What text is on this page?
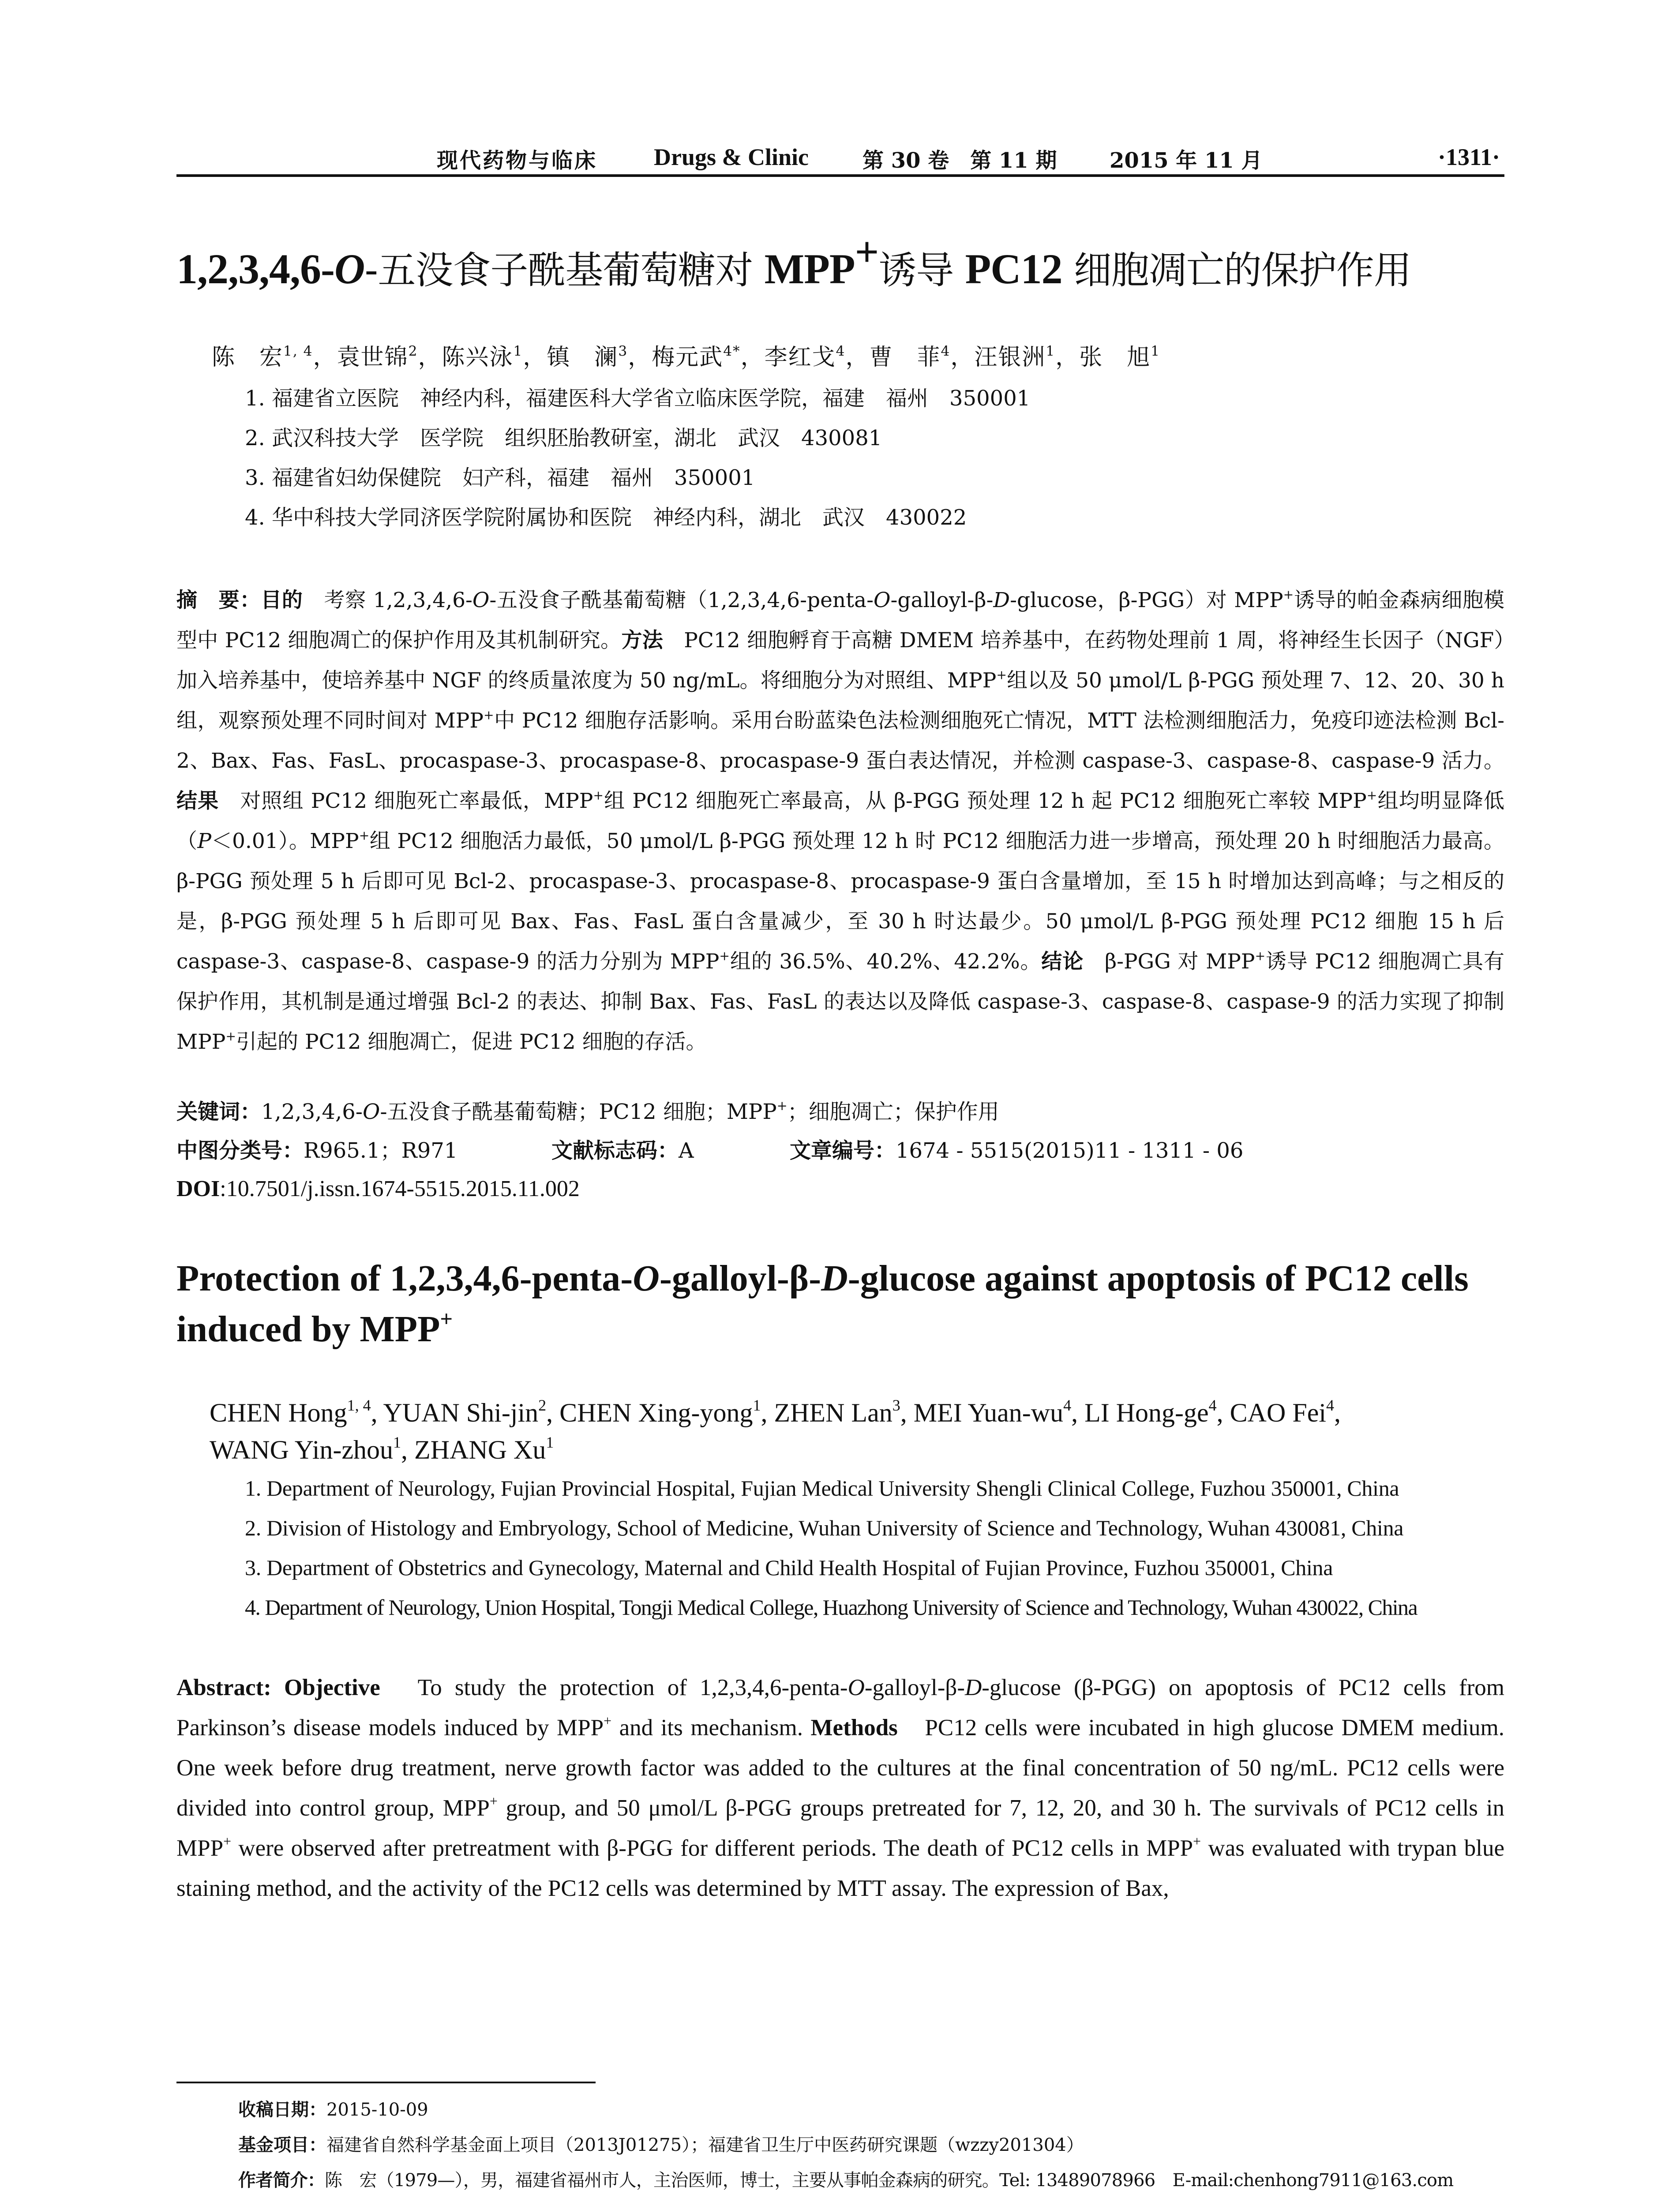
现代药物与临床 Drugs & Clinic	第 30 卷　第 11 期 2015 年 11 月	·1311·
1,2,3,4,6-O-五没食子酰基葡萄糖对 MPP+诱导 PC12 细胞凋亡的保护作用
陈　宏$^{1, 4}$，袁世锦$^2$，陈兴泳$^1$，镇　澜$^3$，梅元武$^{4*}$，李红戈$^4$，曹　菲$^4$，汪银洲$^1$，张　旭$^1$
1. 福建省立医院　神经内科，福建医科大学省立临床医学院，福建　福州　350001
2. 武汉科技大学　医学院　组织胚胎教研室，湖北　武汉　430081
3. 福建省妇幼保健院　妇产科，福建　福州　350001
4. 华中科技大学同济医学院附属协和医院　神经内科，湖北　武汉　430022

摘　要：目的　考察 1,2,3,4,6-O-五没食子酰基葡萄糖（1,2,3,4,6-penta-O-galloyl-β-D-glucose，β-PGG）对 MPP+诱导的帕金森病细胞模型中 PC12 细胞凋亡的保护作用及其机制研究。方法　PC12 细胞孵育于高糖 DMEM 培养基中，在药物处理前 1 周，将神经生长因子（NGF）加入培养基中，使培养基中 NGF 的终质量浓度为 50 ng/mL。将细胞分为对照组、MPP+组以及 50 μmol/L β-PGG 预处理 7、12、20、30 h 组，观察预处理不同时间对 MPP+中 PC12 细胞存活影响。采用台盼蓝染色法检测细胞死亡情况，MTT 法检测细胞活力，免疫印迹法检测 Bcl-2、Bax、Fas、FasL、procaspase-3、procaspase-8、procaspase-9 蛋白表达情况，并检测 caspase-3、caspase-8、caspase-9 活力。结果　对照组 PC12 细胞死亡率最低，MPP+组 PC12 细胞死亡率最高，从 β-PGG 预处理 12 h 起 PC12 细胞死亡率较 MPP+组均明显降低（P＜0.01）。MPP+组 PC12 细胞活力最低，50 μmol/L β-PGG 预处理 12 h 时 PC12 细胞活力进一步增高，预处理 20 h 时细胞活力最高。β-PGG 预处理 5 h 后即可见 Bcl-2、procaspase-3、procaspase-8、procaspase-9 蛋白含量增加，至 15 h 时增加达到高峰；与之相反的是，β-PGG 预处理 5 h 后即可见 Bax、Fas、FasL 蛋白含量减少，至 30 h 时达最少。50 μmol/L β-PGG 预处理 PC12 细胞 15 h 后 caspase-3、caspase-8、caspase-9 的活力分别为 MPP+组的 36.5%、40.2%、42.2%。结论　β-PGG 对 MPP+诱导 PC12 细胞凋亡具有保护作用，其机制是通过增强 Bcl-2 的表达、抑制 Bax、Fas、FasL 的表达以及降低 caspase-3、caspase-8、caspase-9 的活力实现了抑制 MPP+引起的 PC12 细胞凋亡，促进 PC12 细胞的存活。

关键词：1,2,3,4,6-O-五没食子酰基葡萄糖；PC12 细胞；MPP+；细胞凋亡；保护作用
中图分类号：R965.1；R971	文献标志码：A	文章编号：1674 - 5515(2015)11 - 1311 - 06
DOI:10.7501/j.issn.1674-5515.2015.11.002
Protection of 1,2,3,4,6-penta-O-galloyl-β-D-glucose against apoptosis of PC12 cells induced by MPP+
CHEN Hong$^{1, 4}$, YUAN Shi-jin$^2$, CHEN Xing-yong$^1$, ZHEN Lan$^3$, MEI Yuan-$wu^4$, LI Hong-$ge^4$, CAO Fei$^4$,
WANG Yin-zhou$^1$, ZHANG Xu$^1$
1. Department of Neurology, Fujian Provincial Hospital, Fujian Medical University Shengli Clinical College, Fuzhou 350001, China
2. Division of Histology and Embryology, School of Medicine, Wuhan University of Science and Technology, Wuhan 430081, China
3. Department of Obstetrics and Gynecology, Maternal and Child Health Hospital of Fujian Province, Fuzhou 350001, China
4. Department of Neurology, Union Hospital, Tongji Medical College, Huazhong University of Science and Technology, Wuhan 430022, China

Abstract: Objective　To study the protection of 1,2,3,4,6-penta-O-galloyl-β-D-glucose (β-PGG) on apoptosis of PC12 cells from Parkinson’s disease models induced by MPP+ and its mechanism. Methods　PC12 cells were incubated in high glucose DMEM medium. One week before drug treatment, nerve growth factor was added to the cultures at the final concentration of 50 ng/mL. PC12 cells were divided into control group, MPP+ group, and 50 μmol/L β-PGG groups pretreated for 7, 12, 20, and 30 h. The survivals of PC12 cells in MPP+ were observed after pretreatment with β-PGG for different periods. The death of PC12 cells in MPP+ was evaluated with trypan blue staining method, and the activity of the PC12 cells was determined by MTT assay. The expression of Bax,

收稿日期：2015-10-09
基金项目：福建省自然科学基金面上项目（2013J01275）；福建省卫生厅中医药研究课题（wzzy201304）
作者简介：陈　宏（1979—），男，福建省福州市人，主治医师，博士，主要从事帕金森病的研究。Tel: 13489078966　E-mail:chenhong7911@163.com
